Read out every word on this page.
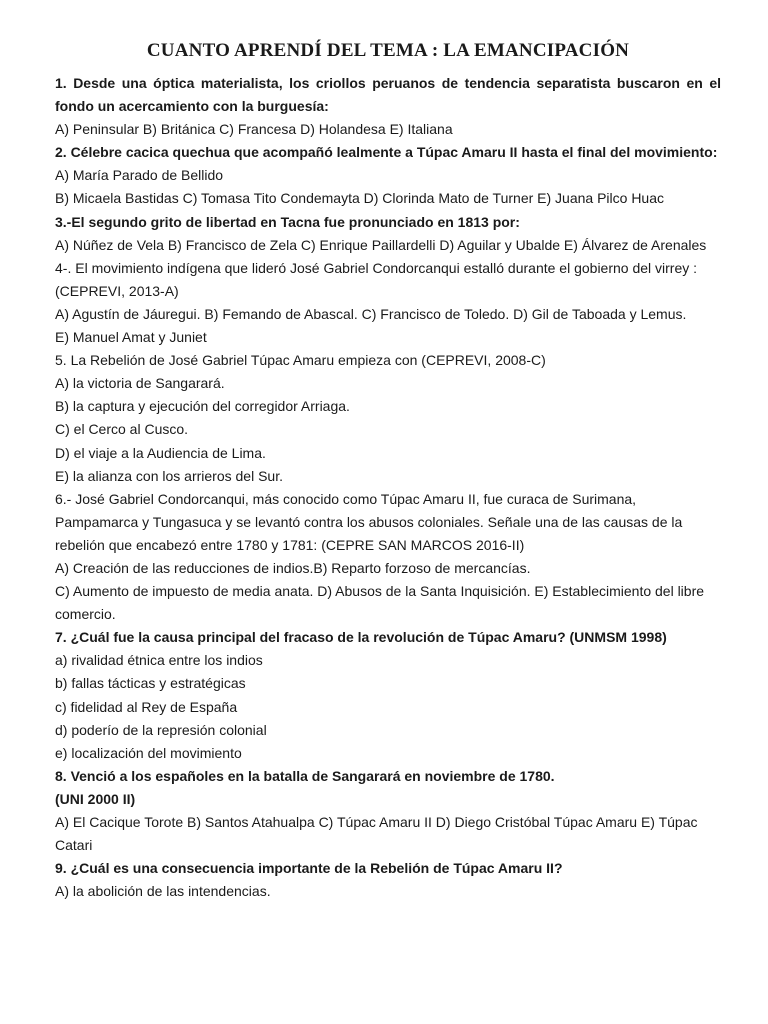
CUANTO APRENDÍ DEL TEMA : LA EMANCIPACIÓN

1. Desde una óptica materialista, los criollos peruanos de tendencia separatista buscaron en el fondo un acercamiento con la burguesía:

A) Peninsular B) Británica C) Francesa D) Holandesa E) Italiana

2. Célebre cacica quechua que acompañó lealmente a Túpac Amaru II hasta el final del movimiento:

A) María Parado de Bellido

B) Micaela Bastidas C) Tomasa Tito Condemayta D) Clorinda Mato de Turner E) Juana Pilco Huac

3.-El segundo grito de libertad en Tacna fue pronunciado en 1813 por:

A) Núñez de Vela B) Francisco de Zela C) Enrique Paillardelli D) Aguilar y Ubalde E) Álvarez de Arenales

4-. El movimiento indígena que lideró José Gabriel Condorcanqui estalló durante el gobierno del virrey : (CEPREVI, 2013-A)

A) Agustín de Jáuregui. B) Femando de Abascal. C) Francisco de Toledo. D) Gil de Taboada y Lemus.

E) Manuel Amat y Juniet

5. La Rebelión de José Gabriel Túpac Amaru empieza con (CEPREVI, 2008-C)

A) la victoria de Sangarará.

B) la captura y ejecución del corregidor Arriaga.

C) el Cerco al Cusco.

D) el viaje a la Audiencia de Lima.

E) la alianza con los arrieros del Sur.

6.- José Gabriel Condorcanqui, más conocido como Túpac Amaru II, fue curaca de Surimana, Pampamarca y Tungasuca y se levantó contra los abusos coloniales. Señale una de las causas de la rebelión que encabezó entre 1780 y 1781: (CEPRE SAN MARCOS 2016-II)

A) Creación de las reducciones de indios.B) Reparto forzoso de mercancías.

C) Aumento de impuesto de media anata. D) Abusos de la Santa Inquisición. E) Establecimiento del libre comercio.

7. ¿Cuál fue la causa principal del fracaso de la revolución de Túpac Amaru? (UNMSM 1998)

a) rivalidad étnica entre los indios

b) fallas tácticas y estratégicas

c) fidelidad al Rey de España

d) poderío de la represión colonial

e) localización del movimiento

8. Venció a los españoles en la batalla de Sangarará en noviembre de 1780.

(UNI 2000 II)

A) El Cacique Torote B) Santos Atahualpa C) Túpac Amaru II D) Diego Cristóbal Túpac Amaru E) Túpac Catari

9. ¿Cuál es una consecuencia importante de la Rebelión de Túpac Amaru II?

A) la abolición de las intendencias.
